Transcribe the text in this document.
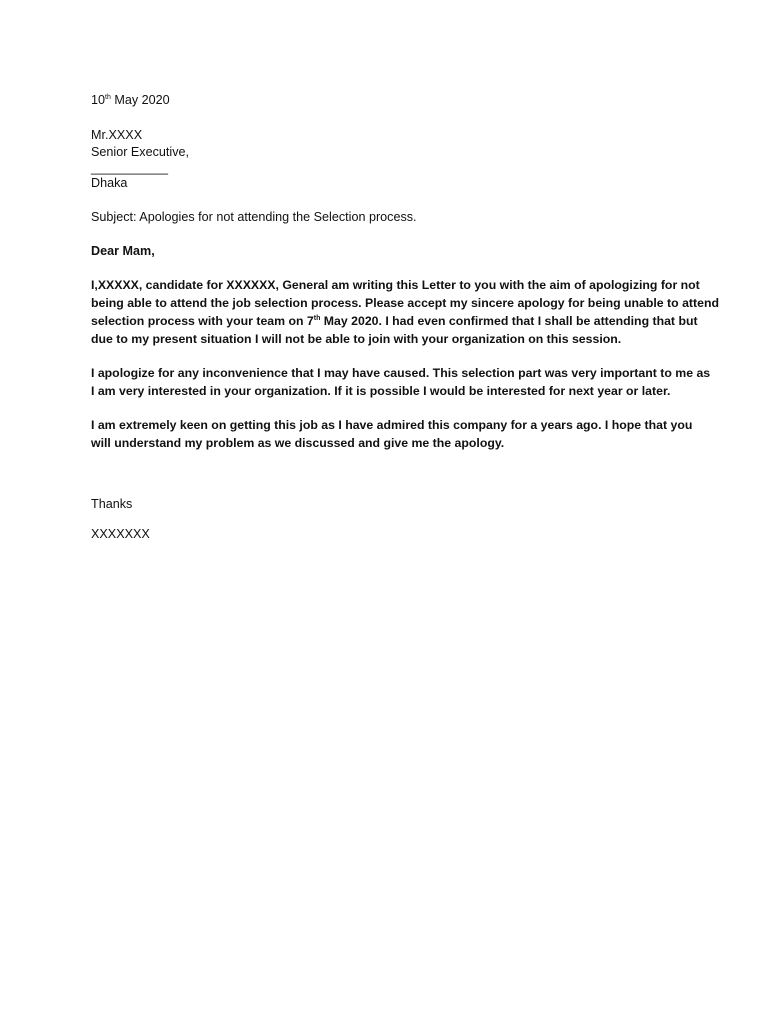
10th May 2020
Mr.XXXX
Senior Executive,
___________
Dhaka
Subject: Apologies for not attending the Selection process.
Dear Mam,
I,XXXXX, candidate for XXXXXX, General am writing this Letter to you with the aim of apologizing for not
being able to attend the job selection process. Please accept my sincere apology for being unable to attend
selection process with your team on 7th May 2020. I had even confirmed that I shall be attending that but
due to my present situation I will not be able to join with your organization on this session.
I apologize for any inconvenience that I may have caused. This selection part was very important to me as
I am very interested in your organization. If it is possible I would be interested for next year or later.
I am extremely keen on getting this job as I have admired this company for a years ago. I hope that you
will understand my problem as we discussed and give me the apology.
Thanks
XXXXXXX
